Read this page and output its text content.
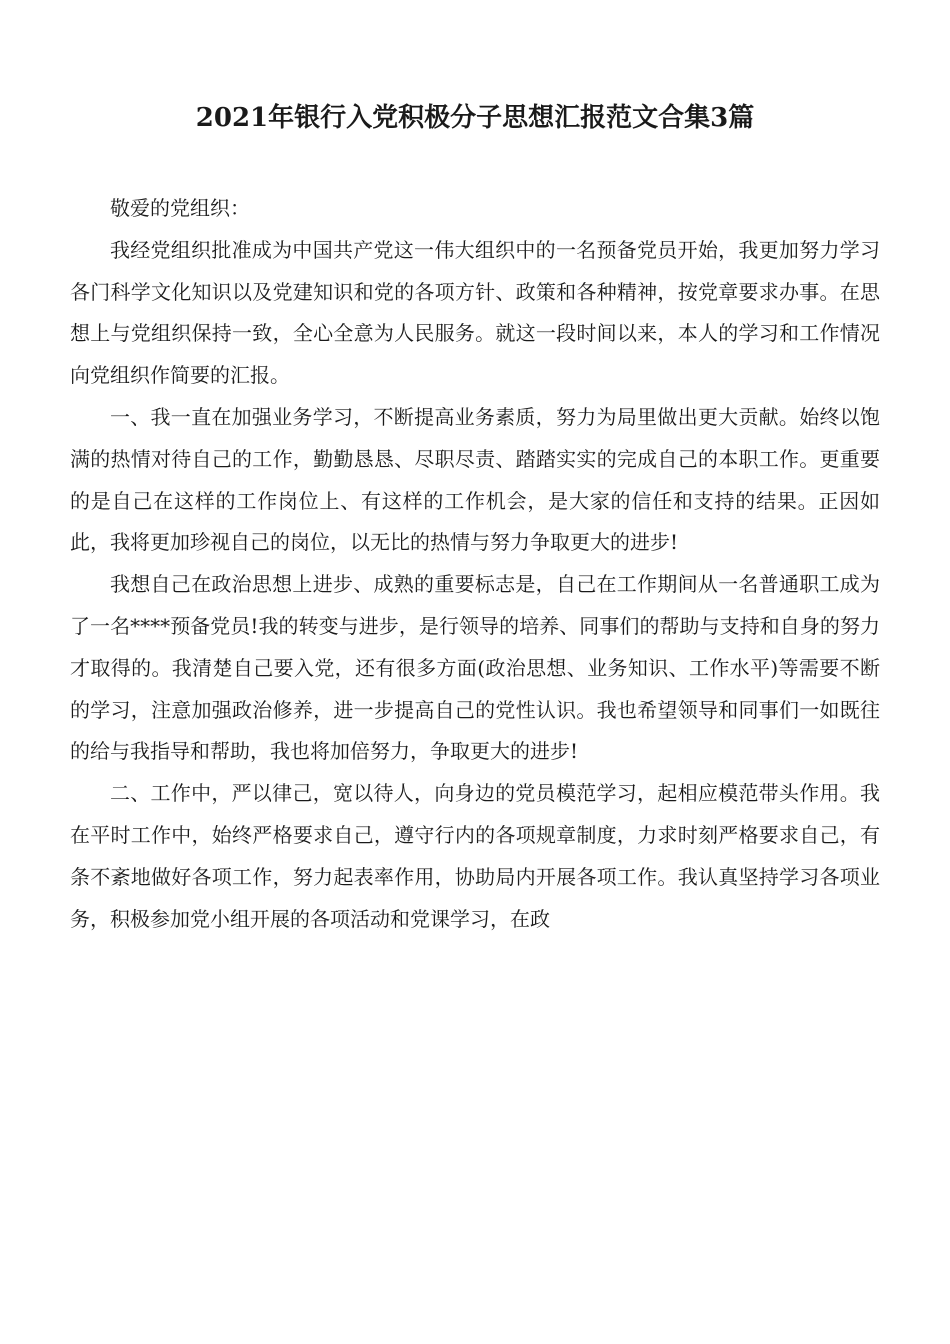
2021年银行入党积极分子思想汇报范文合集3篇

敬爱的党组织：

我经党组织批准成为中国共产党这一伟大组织中的一名预备党员开始，我更加努力学习各门科学文化知识以及党建知识和党的各项方针、政策和各种精神，按党章要求办事。在思想上与党组织保持一致，全心全意为人民服务。就这一段时间以来，本人的学习和工作情况向党组织作简要的汇报。

一、我一直在加强业务学习，不断提高业务素质，努力为局里做出更大贡献。始终以饱满的热情对待自己的工作，勤勤恳恳、尽职尽责、踏踏实实的完成自己的本职工作。更重要的是自己在这样的工作岗位上、有这样的工作机会，是大家的信任和支持的结果。正因如此，我将更加珍视自己的岗位，以无比的热情与努力争取更大的进步!

我想自己在政治思想上进步、成熟的重要标志是，自己在工作期间从一名普通职工成为了一名****预备党员!我的转变与进步，是行领导的培养、同事们的帮助与支持和自身的努力才取得的。我清楚自己要入党，还有很多方面(政治思想、业务知识、工作水平)等需要不断的学习，注意加强政治修养，进一步提高自己的党性认识。我也希望领导和同事们一如既往的给与我指导和帮助，我也将加倍努力，争取更大的进步!

二、工作中，严以律己，宽以待人，向身边的党员模范学习，起相应模范带头作用。我在平时工作中，始终严格要求自己，遵守行内的各项规章制度，力求时刻严格要求自己，有条不紊地做好各项工作，努力起表率作用，协助局内开展各项工作。我认真坚持学习各项业务，积极参加党小组开展的各项活动和党课学习，在政
